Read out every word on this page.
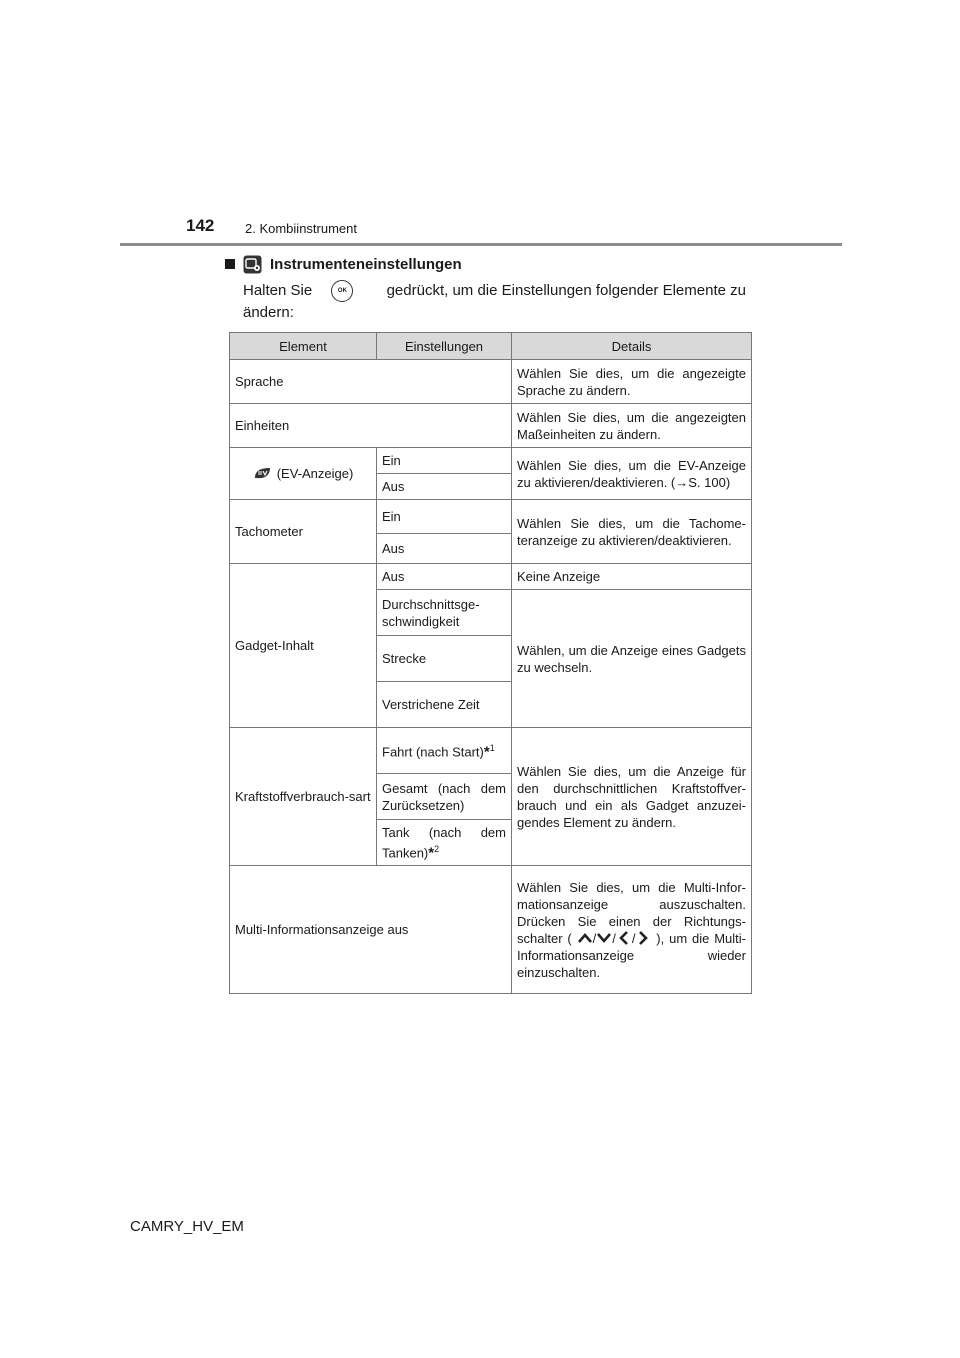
142 2. Kombiinstrument
Instrumenteneinstellungen
Halten Sie	OK	gedrückt, um die Einstellungen folgender Elemente zu
ändern:
Element	Einstellungen	Details
Sprache		Wählen Sie dies, um die angezeigte Sprache zu ändern.
Einheiten		Wählen Sie dies, um die angezeigten Maßeinheiten zu ändern.
(EV-Anzeige)	Ein	Wählen Sie dies, um die EV-Anzeige zu aktivieren/deaktivieren. (→S. 100)
	Aus	
Tachometer	Ein	Wählen Sie dies, um die Tachometeranzeige zu aktivieren/deaktivieren.
	Aus	
Gadget-Inhalt	Aus	Keine Anzeige
	Durchschnittsge-schwindigkeit	Wählen, um die Anzeige eines Gadgets zu wechseln.
	Strecke	
	Verstrichene Zeit	
Kraftstoffverbrauch-sart	Fahrt (nach Start)*$^1$	Wählen Sie dies, um die Anzeige für den durchschnittlichen Kraftstoffverbrauch und ein als Gadget anzuzeigendes Element zu ändern.
	Gesamt (nach dem Zurücksetzen)	
	Tank (nach dem Tanken)*$^2$
Multi-Informationsanzeige aus		Wählen Sie dies, um die Multi-Informationsanzeige auszuschalten. Drücken Sie einen der Richtungsschalter ( / / / ), um die Multi-Informationsanzeige wieder einzuschalten.
CAMRY_HV_EM
